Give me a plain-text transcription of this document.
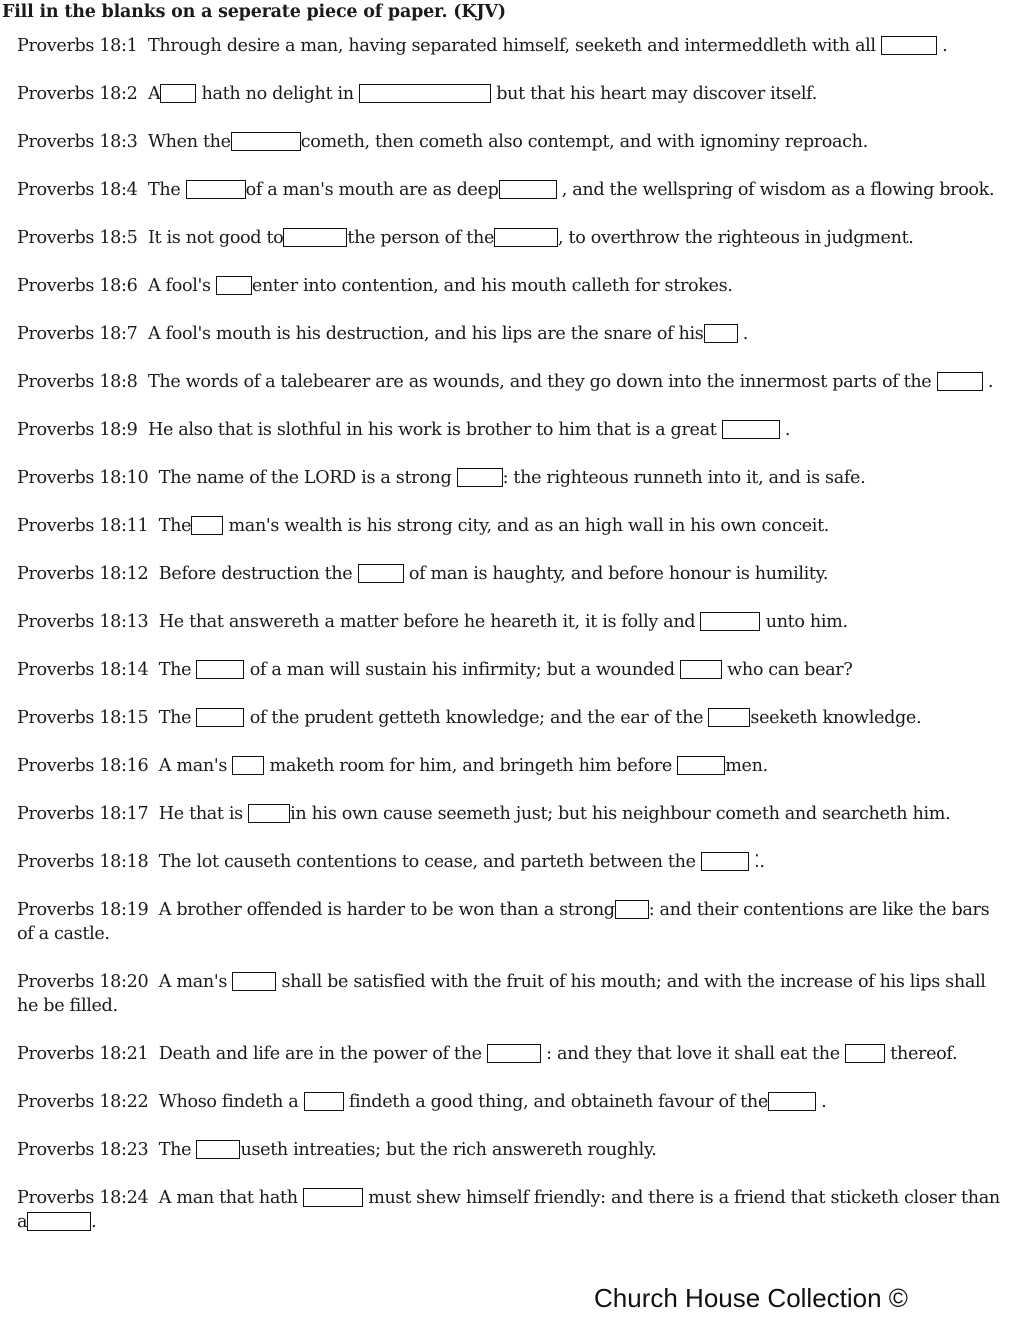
Fill in the blanks on a seperate piece of paper. (KJV)
Proverbs 18:1 Through desire a man, having separated himself, seeketh and intermeddleth with all	.
Proverbs 18:2 A hath no delight in	but that his heart may discover itself.
Proverbs 18:3 When the	cometh, then cometh also contempt, and with ignominy reproach.
Proverbs 18:4 The	of a man's mouth are as deep	, and the wellspring of wisdom as a flowing brook.
Proverbs 18:5 It is not good to	the person of the	, to overthrow the righteous in judgment.
Proverbs 18:6 A fool's enter into contention, and his mouth calleth for strokes.
Proverbs 18:7 A fool's mouth is his destruction, and his lips are the snare of his .
Proverbs 18:8 The words of a talebearer are as wounds, and they go down into the innermost parts of the	.
Proverbs 18:9 He also that is slothful in his work is brother to him that is a great	.
Proverbs 18:10 The name of the LORD is a strong	: the righteous runneth into it, and is safe.
Proverbs 18:11 The man's wealth is his strong city, and as an high wall in his own conceit.
Proverbs 18:12 Before destruction the	of man is haughty, and before honour is humility.
Proverbs 18:13 He that answereth a matter before he heareth it, it is folly and	unto him.
Proverbs 18:14 The	of a man will sustain his infirmity; but a wounded  who can bear?
Proverbs 18:15 The	of the prudent getteth knowledge; and the ear of the seeketh knowledge.
Proverbs 18:16 A man's  maketh room for him, and bringeth him before	men.
Proverbs 18:17 He that is in his own cause seemeth just; but his neighbour cometh and searcheth him.
Proverbs 18:18 The lot causeth contentions to cease, and parteth between the	⁚.
Proverbs 18:19 A brother offended is harder to be won than a strong : and their contentions are like the bars of a castle.
Proverbs 18:20 A man's	shall be satisfied with the fruit of his mouth; and with the increase of his lips shall he be filled.
Proverbs 18:21 Death and life are in the power of the	: and they that love it shall eat the  thereof.
Proverbs 18:22 Whoso findeth a  findeth a good thing, and obtaineth favour of the	.
Proverbs 18:23 The	useth intreaties; but the rich answereth roughly.
Proverbs 18:24 A man that hath	must shew himself friendly: and there is a friend that sticketh closer than a	.
Church House Collection ©
